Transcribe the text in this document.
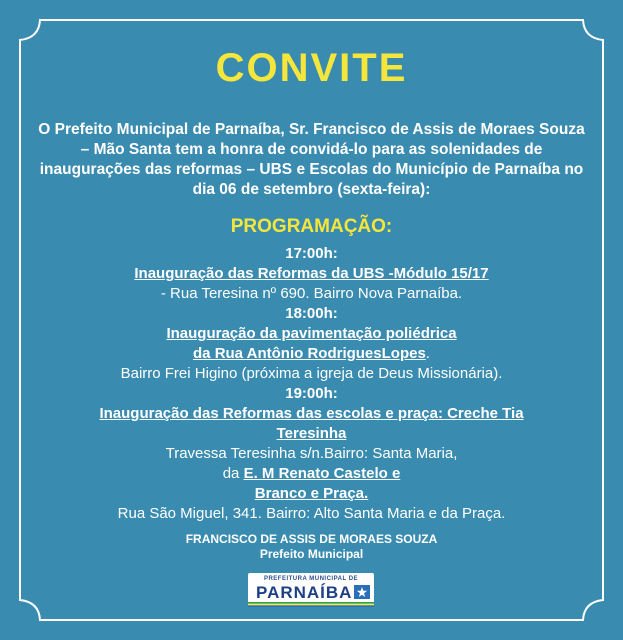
CONVITE
O Prefeito Municipal de Parnaíba, Sr. Francisco de Assis de Moraes Souza – Mão Santa tem a honra de convidá-lo para as solenidades de inaugurações das reformas – UBS e Escolas do Município de Parnaíba no dia 06 de setembro (sexta-feira):
PROGRAMAÇÃO:
17:00h:
Inauguração das Reformas da UBS -Módulo 15/17
- Rua Teresina nº 690. Bairro Nova Parnaíba.
18:00h:
Inauguração da pavimentação poliédrica
da Rua Antônio RodriguesLopes.
Bairro Frei Higino (próxima a igreja de Deus Missionária).
19:00h:
Inauguração das Reformas das escolas e praça: Creche Tia
Teresinha
Travessa Teresinha s/n.Bairro: Santa Maria,
da E. M Renato Castelo e
Branco e Praça.
Rua São Miguel, 341. Bairro: Alto Santa Maria e da Praça.
FRANCISCO DE ASSIS DE MORAES SOUZA
Prefeito Municipal
PREFEITURA MUNICIPAL DE
PARNAÍBA
